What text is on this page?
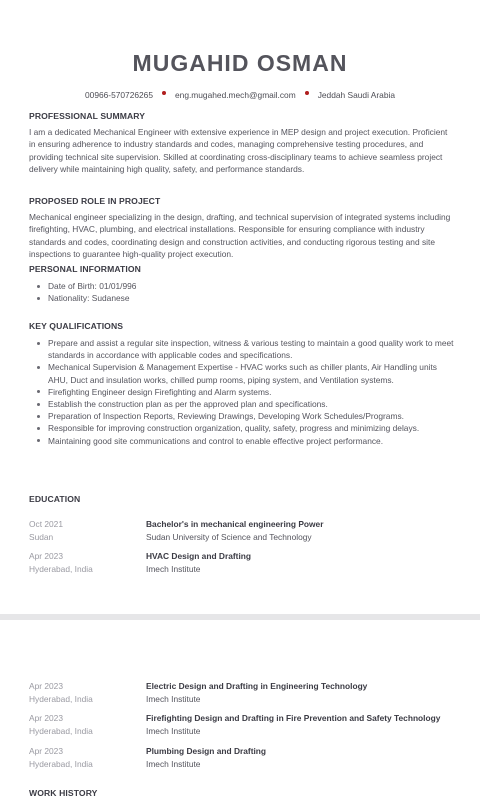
MUGAHID OSMAN
00966-570726265	eng.mugahed.mech@gmail.com	Jeddah Saudi Arabia
PROFESSIONAL SUMMARY
I am a dedicated Mechanical Engineer with extensive experience in MEP design and project execution. Proficient in ensuring adherence to industry standards and codes, managing comprehensive testing procedures, and providing technical site supervision. Skilled at coordinating cross-disciplinary teams to achieve seamless project delivery while maintaining high quality, safety, and performance standards.
PROPOSED ROLE IN PROJECT
Mechanical engineer specializing in the design, drafting, and technical supervision of integrated systems including firefighting, HVAC, plumbing, and electrical installations. Responsible for ensuring compliance with industry standards and codes, coordinating design and construction activities, and conducting rigorous testing and site inspections to guarantee high-quality project execution.
PERSONAL INFORMATION
Date of Birth: 01/01/996
Nationality: Sudanese
KEY QUALIFICATIONS
Prepare and assist a regular site inspection, witness & various testing to maintain a good quality work to meet standards in accordance with applicable codes and specifications.
Mechanical Supervision & Management Expertise - HVAC works such as chiller plants, Air Handling units AHU, Duct and insulation works, chilled pump rooms, piping system, and Ventilation systems.
Firefighting Engineer design Firefighting and Alarm systems.
Establish the construction plan as per the approved plan and specifications.
Preparation of Inspection Reports, Reviewing Drawings, Developing Work Schedules/Programs.
Responsible for improving construction organization, quality, safety, progress and minimizing delays.
Maintaining good site communications and control to enable effective project performance.
EDUCATION
Oct 2021
Sudan
Bachelor's in mechanical engineering Power
Sudan University of Science and Technology
Apr 2023
Hyderabad, India
HVAC Design and Drafting
Imech Institute
Apr 2023
Hyderabad, India
Electric Design and Drafting in Engineering Technology
Imech Institute
Apr 2023
Hyderabad, India
Firefighting Design and Drafting in Fire Prevention and Safety Technology
Imech Institute
Apr 2023
Hyderabad, India
Plumbing Design and Drafting
Imech Institute
WORK HISTORY
